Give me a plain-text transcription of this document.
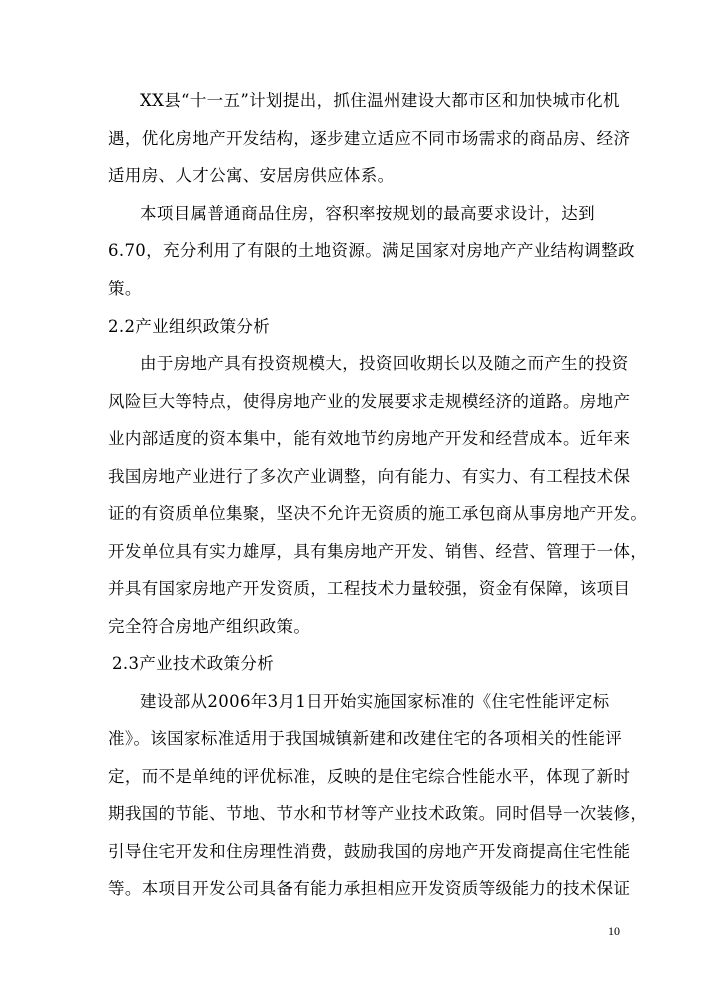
XX县“十一五”计划提出，抓住温州建设大都市区和加快城市化机
遇，优化房地产开发结构，逐步建立适应不同市场需求的商品房、经济
适用房、人才公寓、安居房供应体系。
本项目属普通商品住房，容积率按规划的最高要求设计，达到
6.70，充分利用了有限的土地资源。满足国家对房地产产业结构调整政
策。
2.2产业组织政策分析
由于房地产具有投资规模大，投资回收期长以及随之而产生的投资
风险巨大等特点，使得房地产业的发展要求走规模经济的道路。房地产
业内部适度的资本集中，能有效地节约房地产开发和经营成本。近年来
我国房地产业进行了多次产业调整，向有能力、有实力、有工程技术保
证的有资质单位集聚，坚决不允许无资质的施工承包商从事房地产开发。
开发单位具有实力雄厚，具有集房地产开发、销售、经营、管理于一体，
并具有国家房地产开发资质，工程技术力量较强，资金有保障，该项目
完全符合房地产组织政策。
2.3产业技术政策分析
建设部从2006年3月1日开始实施国家标准的《住宅性能评定标
准》。该国家标准适用于我国城镇新建和改建住宅的各项相关的性能评
定，而不是单纯的评优标准，反映的是住宅综合性能水平，体现了新时
期我国的节能、节地、节水和节材等产业技术政策。同时倡导一次装修，
引导住宅开发和住房理性消费，鼓励我国的房地产开发商提高住宅性能
等。本项目开发公司具备有能力承担相应开发资质等级能力的技术保证
10
